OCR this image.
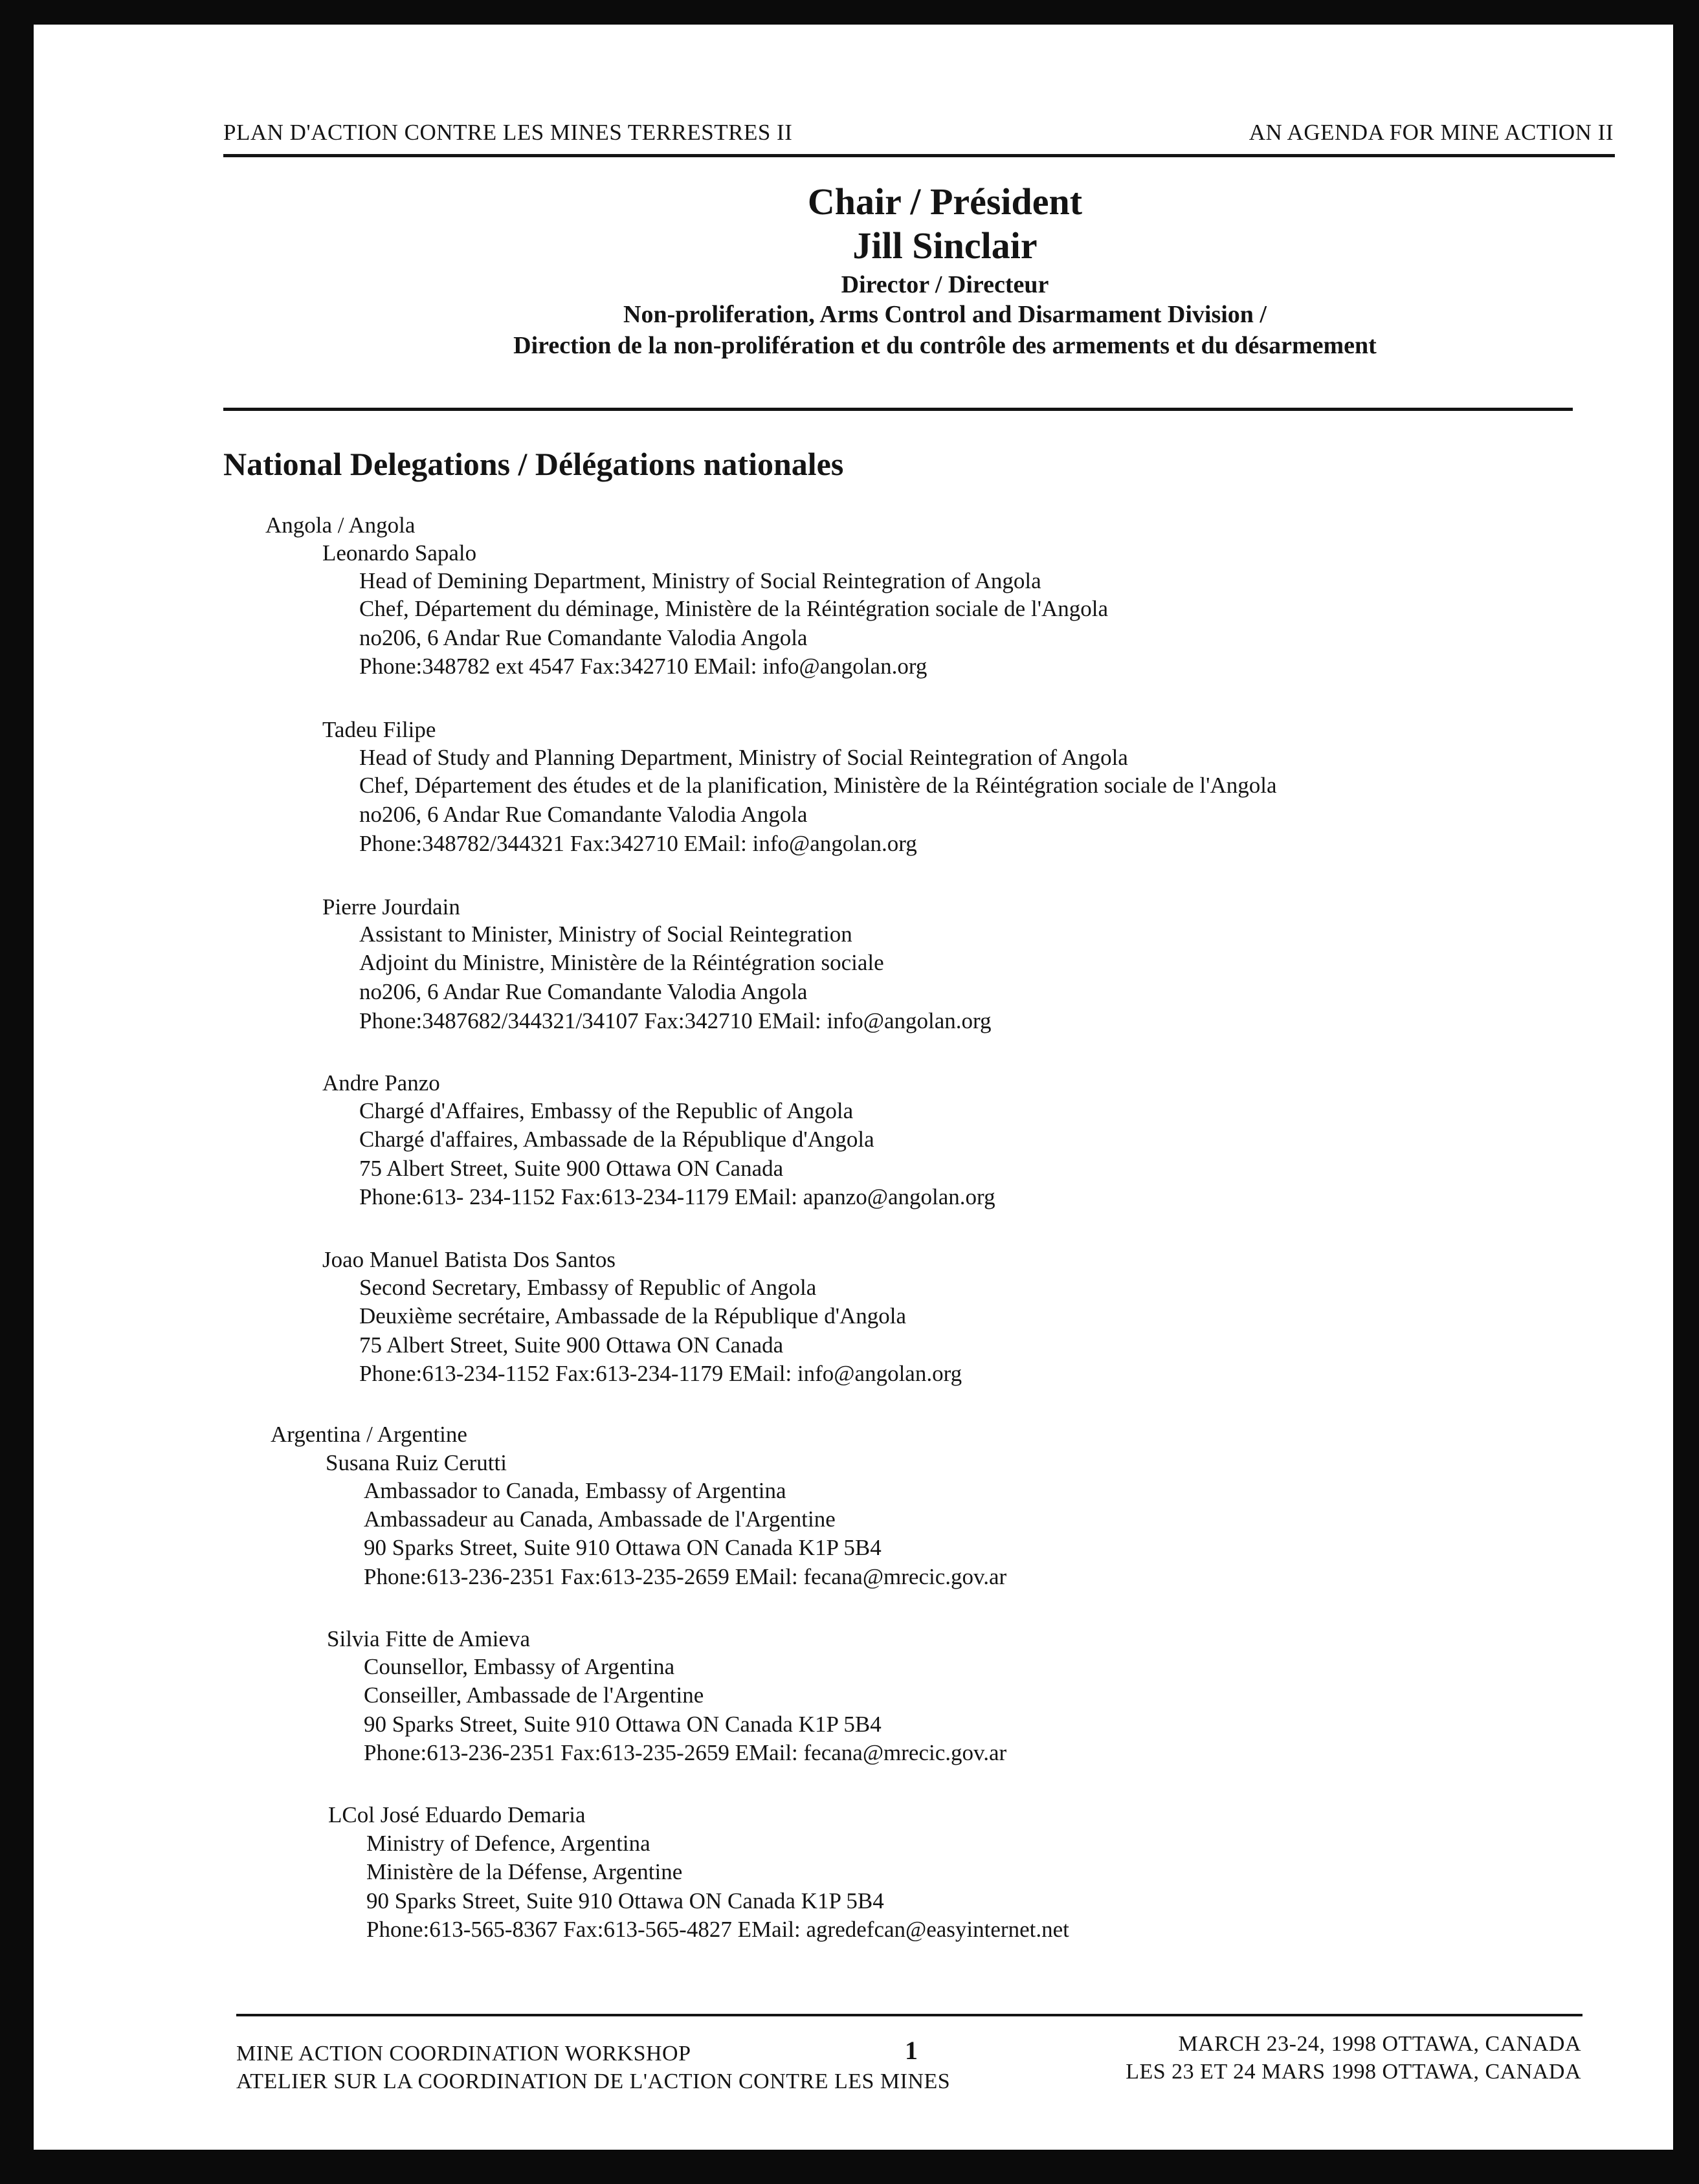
PLAN D'ACTION CONTRE LES MINES TERRESTRES II	AN AGENDA FOR MINE ACTION II
Chair / Président
Jill Sinclair
Director / Directeur
Non-proliferation, Arms Control and Disarmament Division /
Direction de la non-prolifération et du contrôle des armements et du désarmement
National Delegations / Délégations nationales
Angola / Angola
Leonardo Sapalo
Head of Demining Department, Ministry of Social Reintegration of Angola
Chef, Département du déminage, Ministère de la Réintégration sociale de l'Angola
no206, 6 Andar Rue Comandante Valodia Angola
Phone:348782 ext 4547 Fax:342710 EMail: info@angolan.org
Tadeu Filipe
Head of Study and Planning Department, Ministry of Social Reintegration of Angola
Chef, Département des études et de la planification, Ministère de la Réintégration sociale de l'Angola
no206, 6 Andar Rue Comandante Valodia Angola
Phone:348782/344321 Fax:342710 EMail: info@angolan.org
Pierre Jourdain
Assistant to Minister, Ministry of Social Reintegration
Adjoint du Ministre, Ministère de la Réintégration sociale
no206, 6 Andar Rue Comandante Valodia Angola
Phone:3487682/344321/34107 Fax:342710 EMail: info@angolan.org
Andre Panzo
Chargé d'Affaires, Embassy of the Republic of Angola
Chargé d'affaires, Ambassade de la République d'Angola
75 Albert Street, Suite 900 Ottawa ON Canada
Phone:613- 234-1152 Fax:613-234-1179 EMail: apanzo@angolan.org
Joao Manuel Batista Dos Santos
Second Secretary, Embassy of Republic of Angola
Deuxième secrétaire, Ambassade de la République d'Angola
75 Albert Street, Suite 900 Ottawa ON Canada
Phone:613-234-1152 Fax:613-234-1179 EMail: info@angolan.org
Argentina / Argentine
Susana Ruiz Cerutti
Ambassador to Canada, Embassy of Argentina
Ambassadeur au Canada, Ambassade de l'Argentine
90 Sparks Street, Suite 910 Ottawa ON Canada K1P 5B4
Phone:613-236-2351 Fax:613-235-2659 EMail: fecana@mrecic.gov.ar
Silvia Fitte de Amieva
Counsellor, Embassy of Argentina
Conseiller, Ambassade de l'Argentine
90 Sparks Street, Suite 910 Ottawa ON Canada K1P 5B4
Phone:613-236-2351 Fax:613-235-2659 EMail: fecana@mrecic.gov.ar
LCol José Eduardo Demaria
Ministry of Defence, Argentina
Ministère de la Défense, Argentine
90 Sparks Street, Suite 910 Ottawa ON Canada K1P 5B4
Phone:613-565-8367 Fax:613-565-4827 EMail: agredefcan@easyinternet.net
MINE ACTION COORDINATION WORKSHOP
ATELIER SUR LA COORDINATION DE L'ACTION CONTRE LES MINES
1	MARCH 23-24, 1998 OTTAWA, CANADA
LES 23 ET 24 MARS 1998 OTTAWA, CANADA
